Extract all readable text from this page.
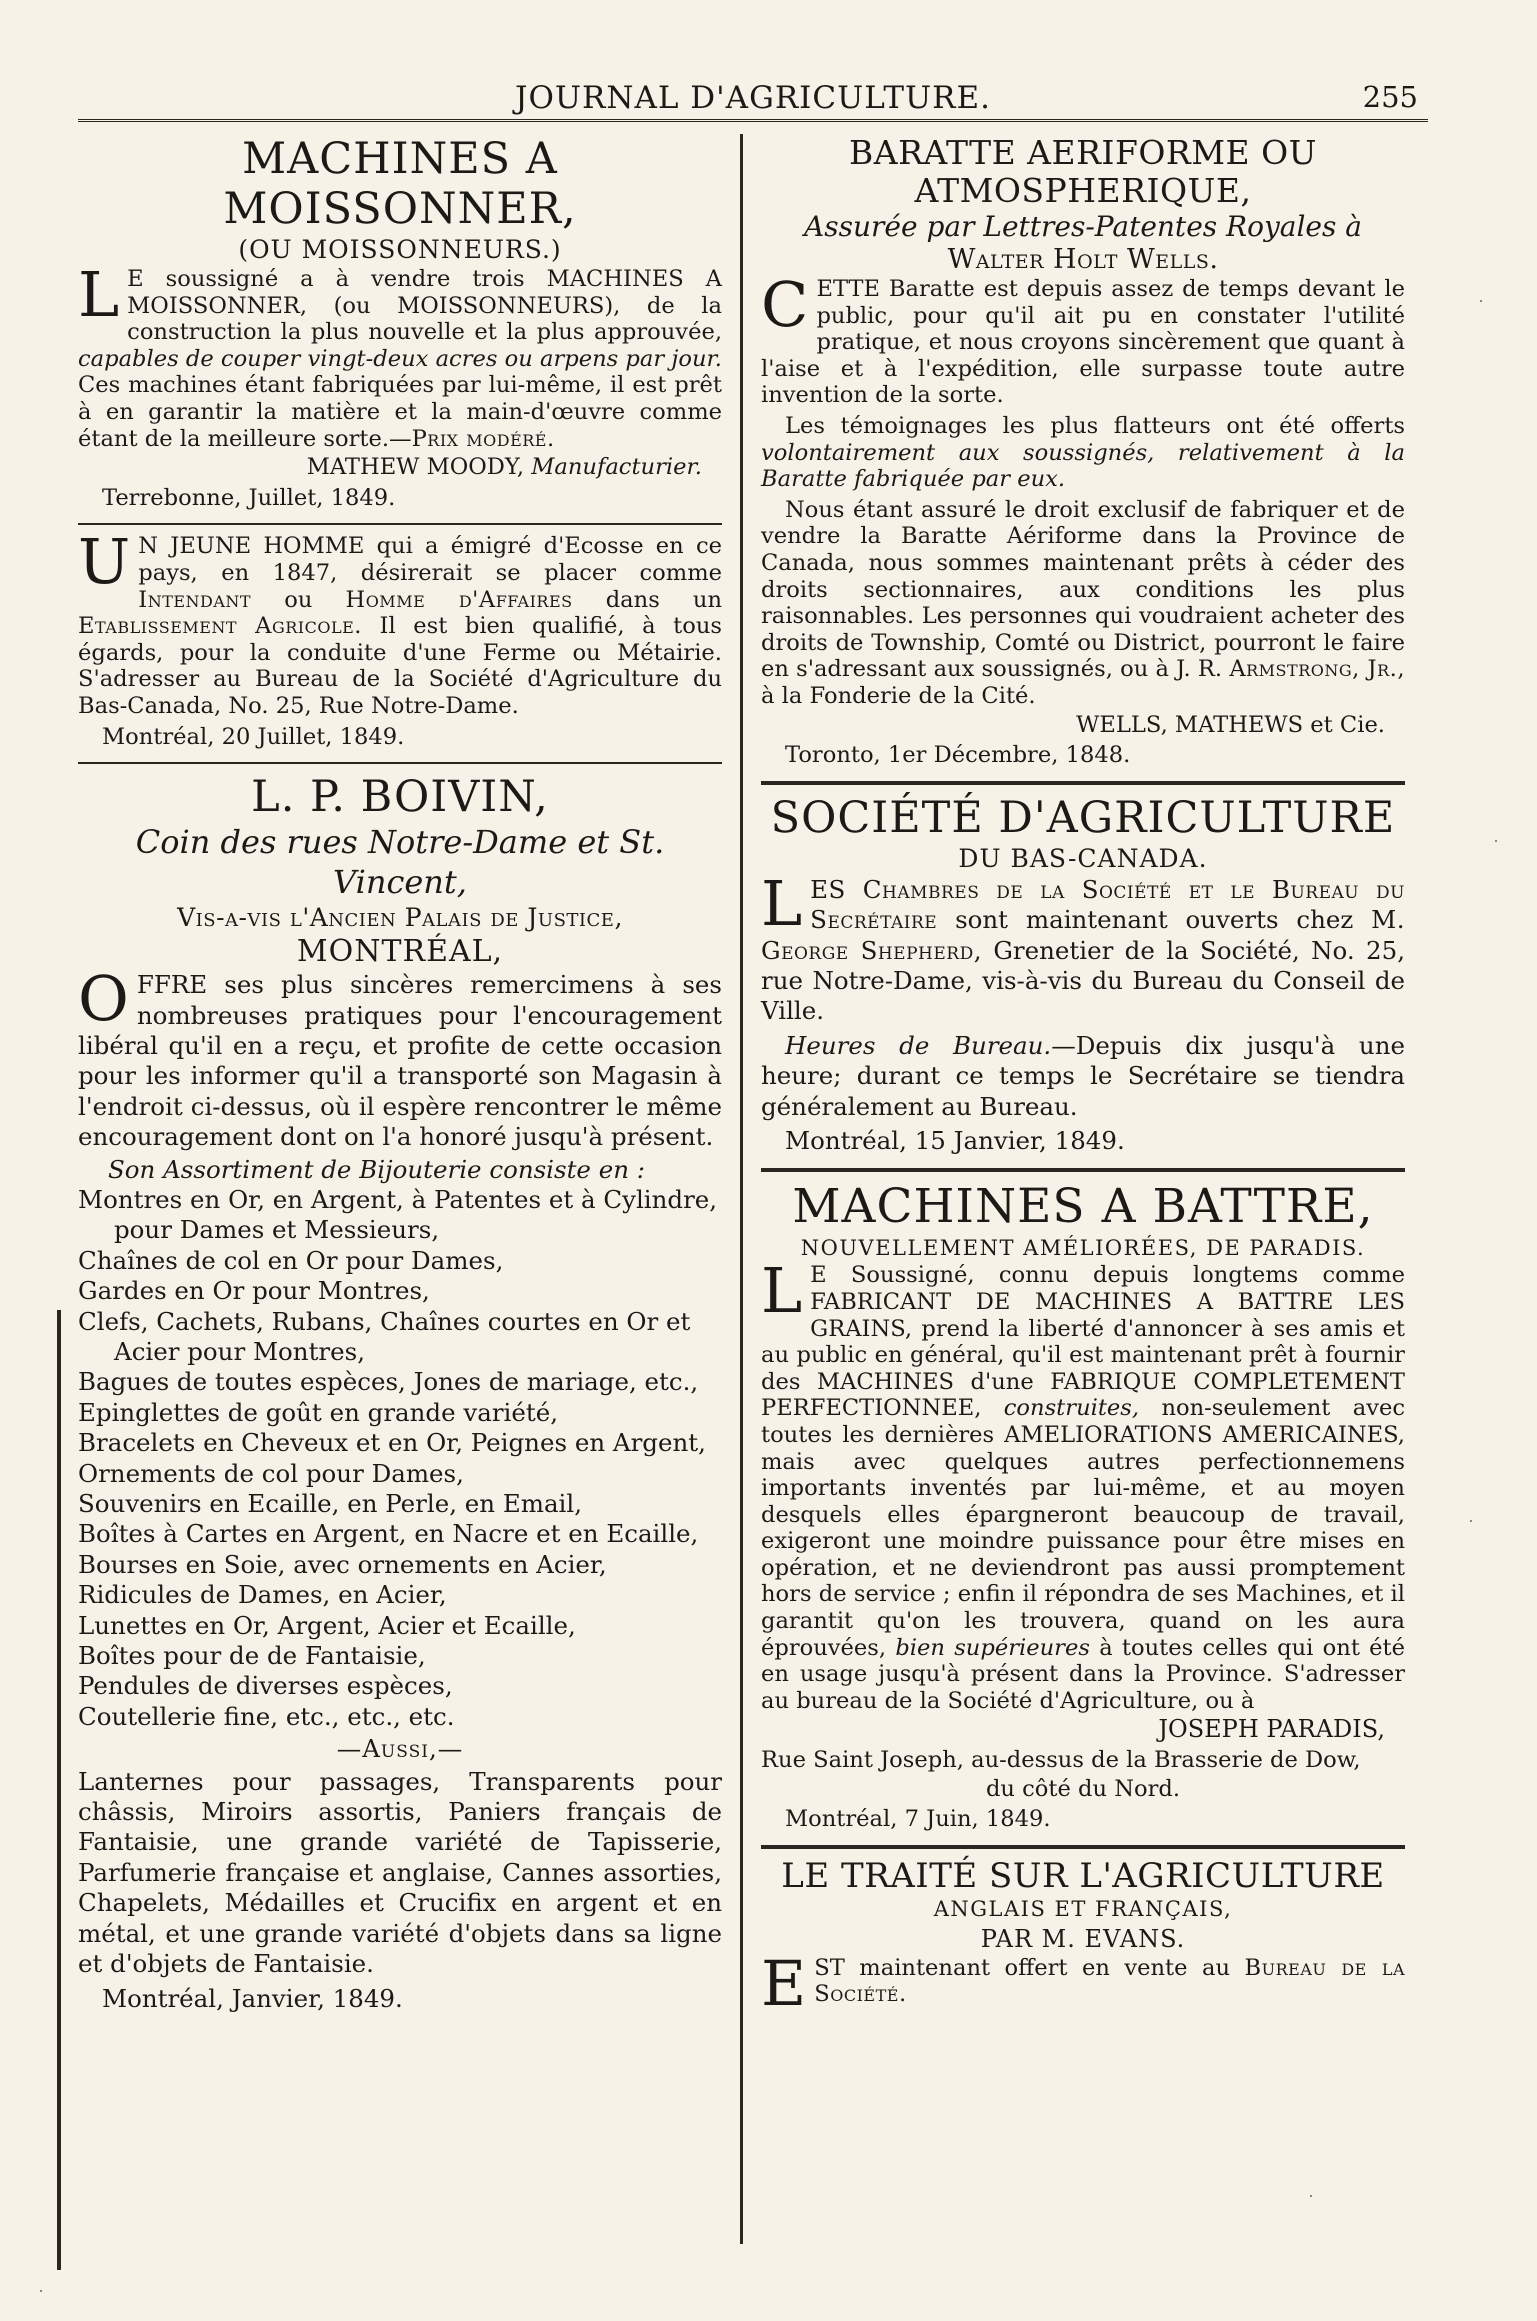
JOURNAL D'AGRICULTURE.	255
MACHINES A MOISSONNER,
(OU MOISSONNEURS.)
L E soussigné a à vendre trois MACHINES A MOISSONNER, (ou MOISSONNEURS), de la construction la plus nouvelle et la plus approuvée, capables de couper vingt-deux acres ou arpens par jour. Ces machines étant fabriquées par lui-même, il est prêt à en garantir la matière et la main-d'œuvre comme étant de la meilleure sorte.—Prix modéré.
MATHEW MOODY, Manufacturier.
Terrebonne, Juillet, 1849.
U N JEUNE HOMME qui a émigré d'Ecosse en ce pays, en 1847, désirerait se placer comme Intendant ou Homme d'Affaires dans un Etablissement Agricole. Il est bien qualifié, à tous égards, pour la conduite d'une Ferme ou Métairie. S'adresser au Bureau de la Société d'Agriculture du Bas-Canada, No. 25, Rue Notre-Dame.
Montréal, 20 Juillet, 1849.
L. P. BOIVIN,
Coin des rues Notre-Dame et St. Vincent,
Vis-a-vis l'Ancien Palais de Justice,
MONTRÉAL,
O FFRE ses plus sincères remercimens à ses nombreuses pratiques pour l'encouragement libéral qu'il en a reçu, et profite de cette occasion pour les informer qu'il a transporté son Magasin à l'endroit ci-dessus, où il espère rencontrer le même encouragement dont on l'a honoré jusqu'à présent.
Son Assortiment de Bijouterie consiste en :
Montres en Or, en Argent, à Patentes et à Cylindre, pour Dames et Messieurs,
Chaînes de col en Or pour Dames,
Gardes en Or pour Montres,
Clefs, Cachets, Rubans, Chaînes courtes en Or et Acier pour Montres,
Bagues de toutes espèces, Jones de mariage, etc.,
Epinglettes de goût en grande variété,
Bracelets en Cheveux et en Or, Peignes en Argent,
Ornements de col pour Dames,
Souvenirs en Ecaille, en Perle, en Email,
Boîtes à Cartes en Argent, en Nacre et en Ecaille,
Bourses en Soie, avec ornements en Acier,
Ridicules de Dames, en Acier,
Lunettes en Or, Argent, Acier et Ecaille,
Boîtes pour de de Fantaisie,
Pendules de diverses espèces,
Coutellerie fine, etc., etc., etc.
—Aussi,—
Lanternes pour passages, Transparents pour châssis, Miroirs assortis, Paniers français de Fantaisie, une grande variété de Tapisserie, Parfumerie française et anglaise, Cannes assorties, Chapelets, Médailles et Crucifix en argent et en métal, et une grande variété d'objets dans sa ligne et d'objets de Fantaisie.
Montréal, Janvier, 1849.
BARATTE AERIFORME OU ATMOSPHERIQUE,
Assurée par Lettres-Patentes Royales à
Walter Holt Wells.
C ETTE Baratte est depuis assez de temps devant le public, pour qu'il ait pu en constater l'utilité pratique, et nous croyons sincèrement que quant à l'aise et à l'expédition, elle surpasse toute autre invention de la sorte.
Les témoignages les plus flatteurs ont été offerts volontairement aux soussignés, relativement à la Baratte fabriquée par eux.
Nous étant assuré le droit exclusif de fabriquer et de vendre la Baratte Aériforme dans la Province de Canada, nous sommes maintenant prêts à céder des droits sectionnaires, aux conditions les plus raisonnables. Les personnes qui voudraient acheter des droits de Township, Comté ou District, pourront le faire en s'adressant aux soussignés, ou à J. R. Armstrong, Jr., à la Fonderie de la Cité.
WELLS, MATHEWS et Cie.
Toronto, 1er Décembre, 1848.
SOCIÉTÉ D'AGRICULTURE
DU BAS-CANADA.
L ES Chambres de la Société et le Bureau du Secrétaire sont maintenant ouverts chez M. George Shepherd, Grenetier de la Société, No. 25, rue Notre-Dame, vis-à-vis du Bureau du Conseil de Ville.
Heures de Bureau.—Depuis dix jusqu'à une heure; durant ce temps le Secrétaire se tiendra généralement au Bureau.
Montréal, 15 Janvier, 1849.
MACHINES A BATTRE,
NOUVELLEMENT AMÉLIORÉES, DE PARADIS.
L E Soussigné, connu depuis longtems comme FABRICANT DE MACHINES A BATTRE LES GRAINS, prend la liberté d'annoncer à ses amis et au public en général, qu'il est maintenant prêt à fournir des MACHINES d'une FABRIQUE COMPLETEMENT PERFECTIONNEE, construites, non-seulement avec toutes les dernières AMELIORATIONS AMERICAINES, mais avec quelques autres perfectionnemens importants inventés par lui-même, et au moyen desquels elles épargneront beaucoup de travail, exigeront une moindre puissance pour être mises en opération, et ne deviendront pas aussi promptement hors de service ; enfin il répondra de ses Machines, et il garantit qu'on les trouvera, quand on les aura éprouvées, bien supérieures à toutes celles qui ont été en usage jusqu'à présent dans la Province. S'adresser au bureau de la Société d'Agriculture, ou à
JOSEPH PARADIS,
Rue Saint Joseph, au-dessus de la Brasserie de Dow,
du côté du Nord.
Montréal, 7 Juin, 1849.
LE TRAITÉ SUR L'AGRICULTURE
ANGLAIS ET FRANÇAIS,
PAR M. EVANS.
E ST maintenant offert en vente au Bureau de la Société.
